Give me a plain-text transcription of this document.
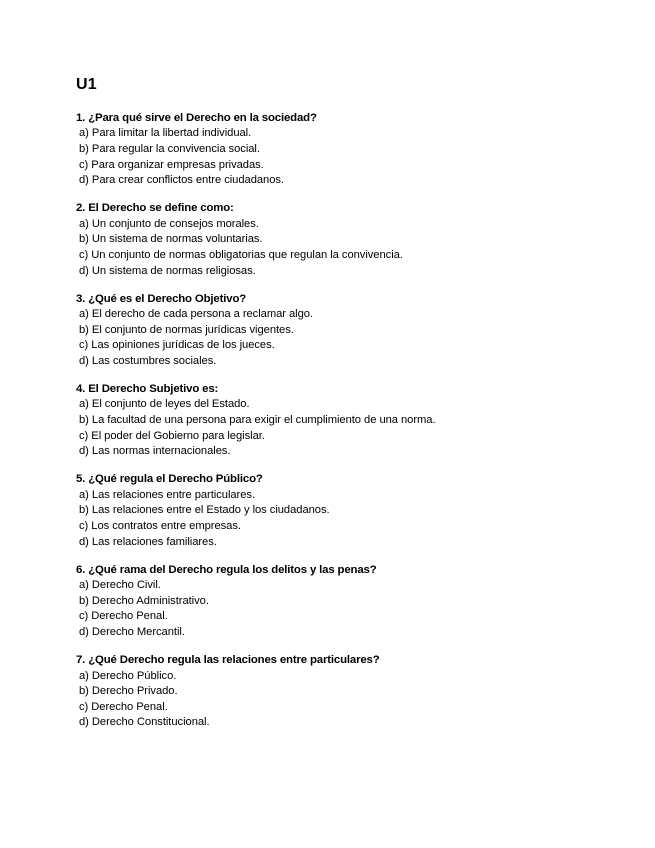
U1
1. ¿Para qué sirve el Derecho en la sociedad?
a) Para limitar la libertad individual.
b) Para regular la convivencia social.
c) Para organizar empresas privadas.
d) Para crear conflictos entre ciudadanos.
2. El Derecho se define como:
a) Un conjunto de consejos morales.
b) Un sistema de normas voluntarias.
c) Un conjunto de normas obligatorias que regulan la convivencia.
d) Un sistema de normas religiosas.
3. ¿Qué es el Derecho Objetivo?
a) El derecho de cada persona a reclamar algo.
b) El conjunto de normas jurídicas vigentes.
c) Las opiniones jurídicas de los jueces.
d) Las costumbres sociales.
4. El Derecho Subjetivo es:
a) El conjunto de leyes del Estado.
b) La facultad de una persona para exigir el cumplimiento de una norma.
c) El poder del Gobierno para legislar.
d) Las normas internacionales.
5. ¿Qué regula el Derecho Público?
a) Las relaciones entre particulares.
b) Las relaciones entre el Estado y los ciudadanos.
c) Los contratos entre empresas.
d) Las relaciones familiares.
6. ¿Qué rama del Derecho regula los delitos y las penas?
a) Derecho Civil.
b) Derecho Administrativo.
c) Derecho Penal.
d) Derecho Mercantil.
7. ¿Qué Derecho regula las relaciones entre particulares?
a) Derecho Público.
b) Derecho Privado.
c) Derecho Penal.
d) Derecho Constitucional.
